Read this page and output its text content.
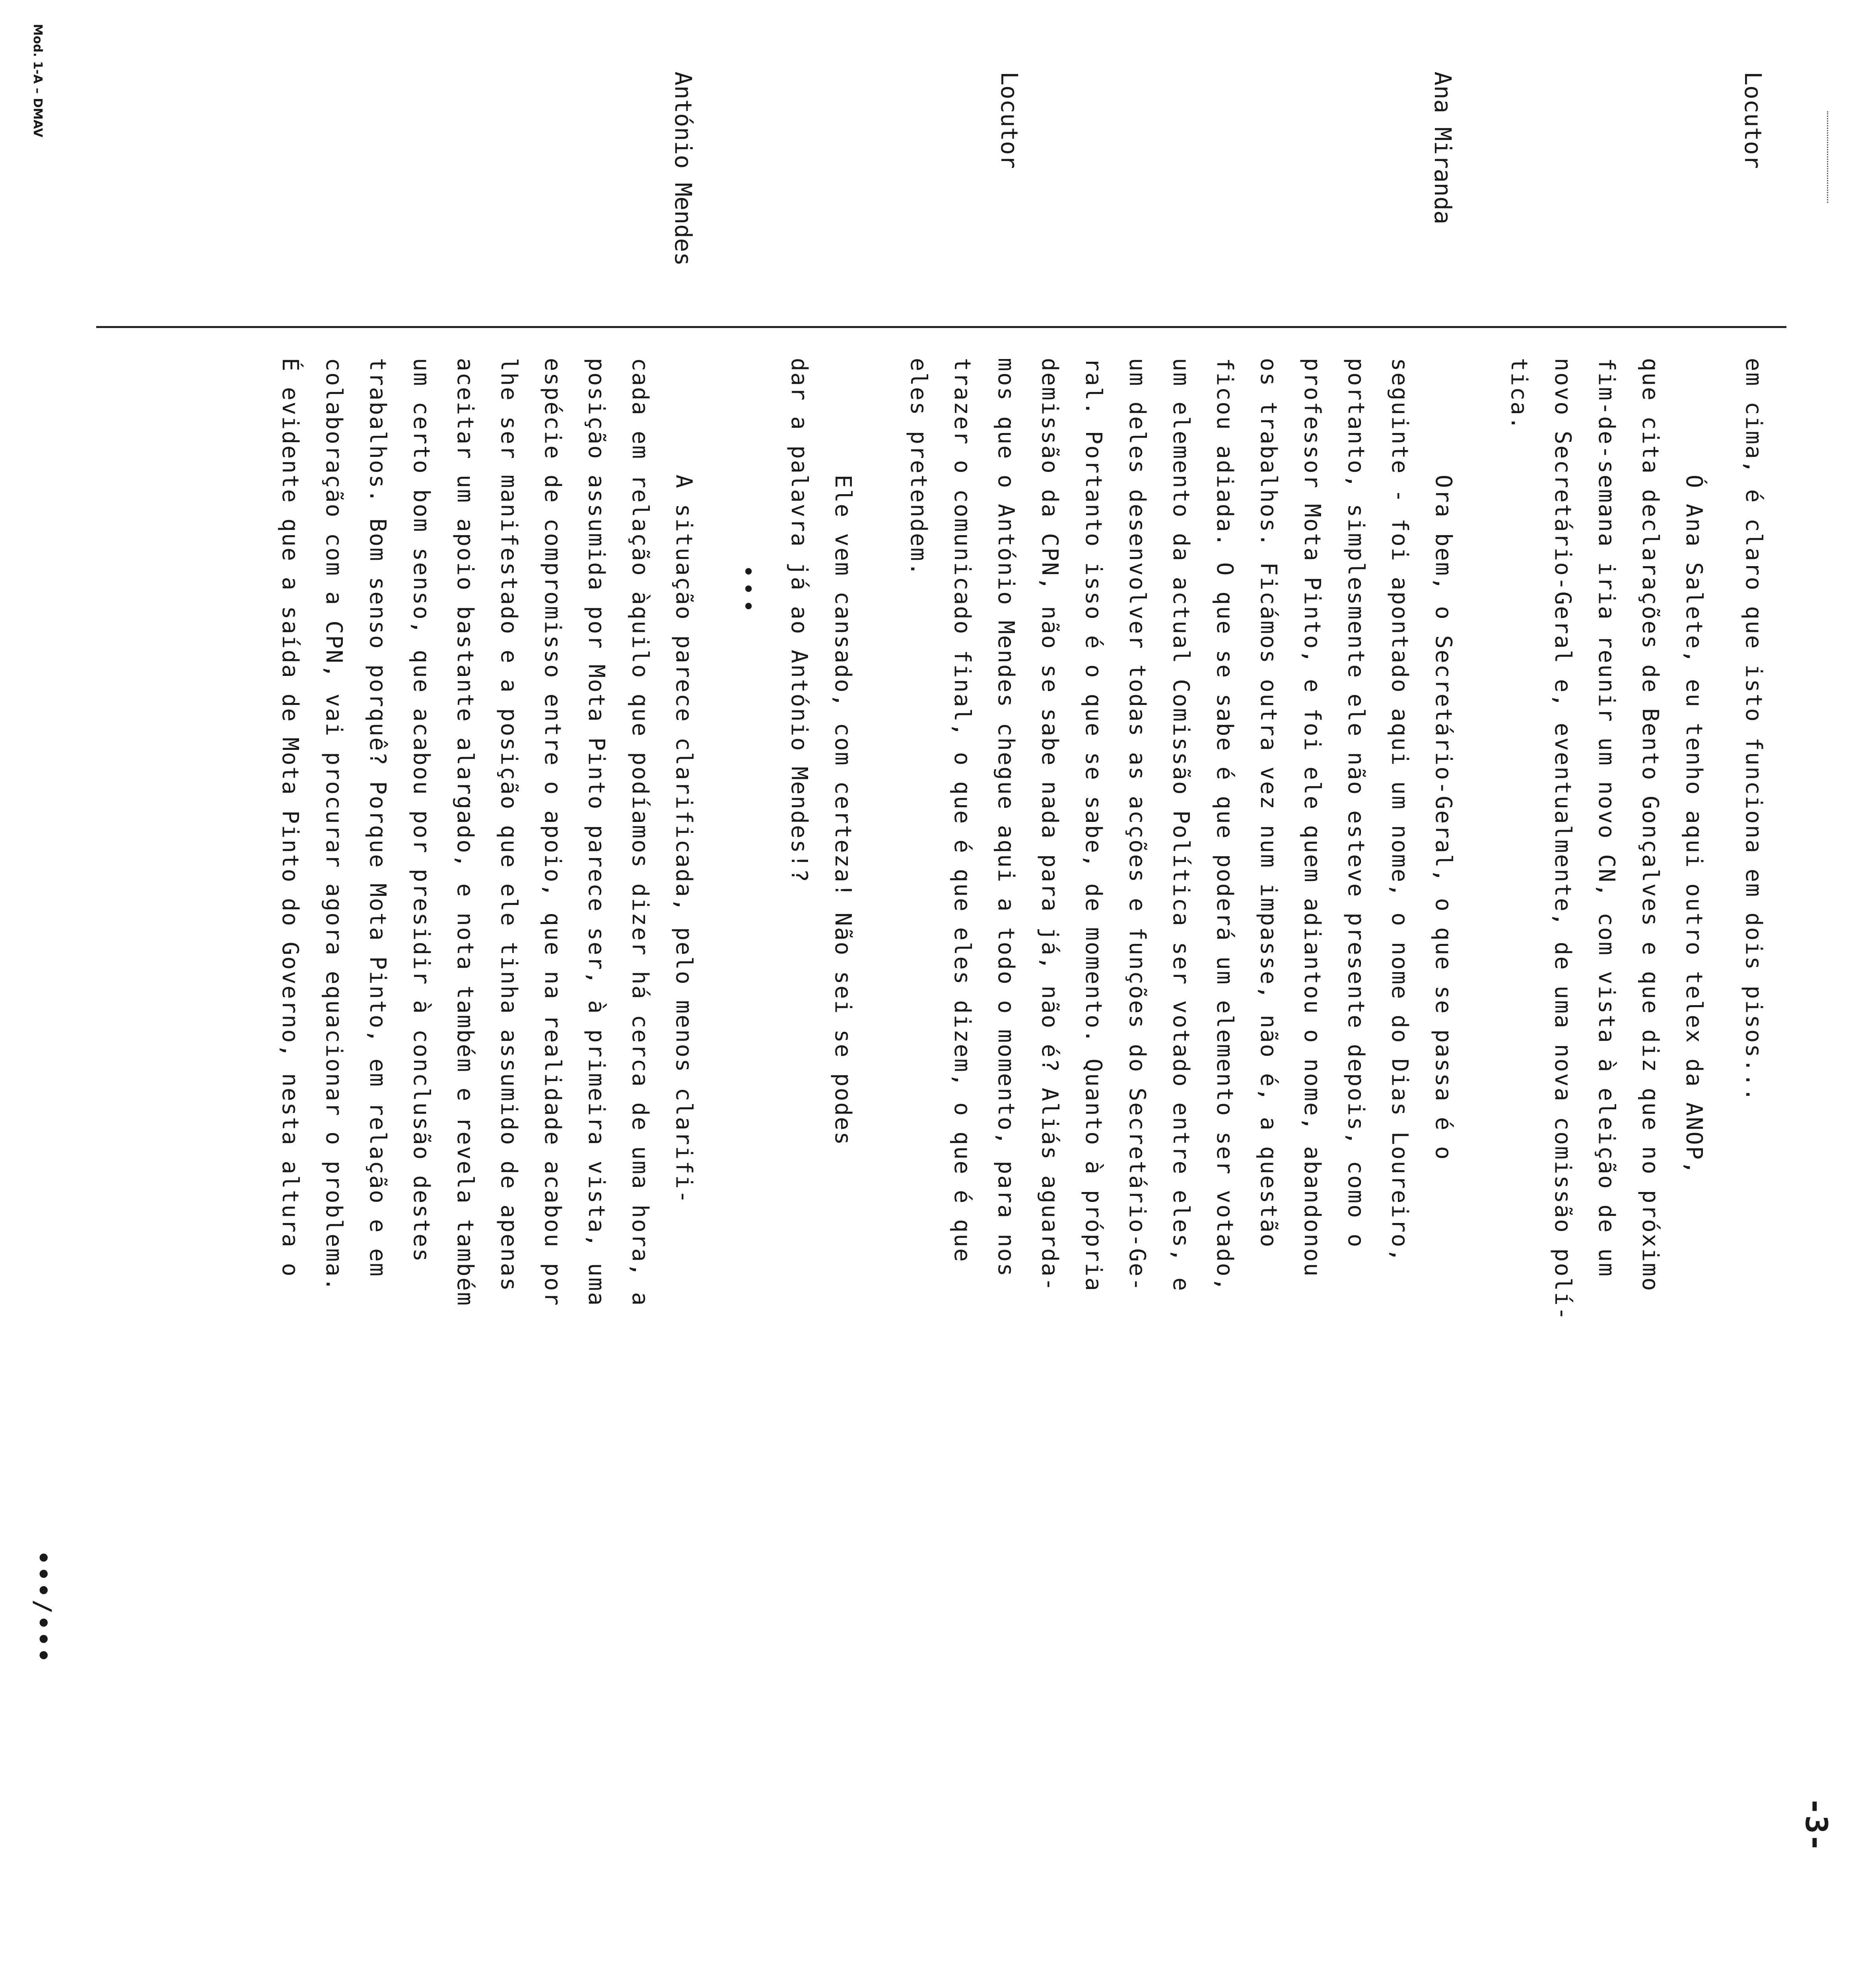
-3-
Locutor
Ana Miranda
Locutor
António Mendes
em cima, é claro que isto funciona em dois pisos...
Ó Ana Salete, eu tenho aqui outro telex da ANOP,
que cita declarações de Bento Gonçalves e que diz que no próximo
fim-de-semana iria reunir um novo CN, com vista à eleição de um
novo Secretário-Geral e, eventualmente, de uma nova comissão polí-
tica.
Ora bem, o Secretário-Geral, o que se passa é o
seguinte - foi apontado aqui um nome, o nome do Dias Loureiro,
portanto, simplesmente ele não esteve presente depois, como o
professor Mota Pinto, e foi ele quem adiantou o nome, abandonou
os trabalhos. Ficámos outra vez num impasse, não é, a questão
ficou adiada. O que se sabe é que poderá um elemento ser votado,
um elemento da actual Comissão Política ser votado entre eles, e
um deles desenvolver todas as acções e funções do Secretário-Ge-
ral. Portanto isso é o que se sabe, de momento. Quanto à própria
demissão da CPN, não se sabe nada para já, não é? Aliás aguarda-
mos que o António Mendes chegue aqui a todo o momento, para nos
trazer o comunicado final, o que é que eles dizem, o que é que
eles pretendem.
Ele vem cansado, com certeza! Não sei se podes
dar a palavra já ao António Mendes!?
•••
A situação parece clarificada, pelo menos clarifi-
cada em relação àquilo que podíamos dizer há cerca de uma hora, a
posição assumida por Mota Pinto parece ser, à primeira vista, uma
espécie de compromisso entre o apoio, que na realidade acabou por
lhe ser manifestado e a posição que ele tinha assumido de apenas
aceitar um apoio bastante alargado, e nota também e revela também
um certo bom senso, que acabou por presidir à conclusão destes
trabalhos. Bom senso porquê? Porque Mota Pinto, em relação e em
colaboração com a CPN, vai procurar agora equacionar o problema.
É evidente que a saída de Mota Pinto do Governo, nesta altura o
•••/•••
Mod. 1-A – DMAV
